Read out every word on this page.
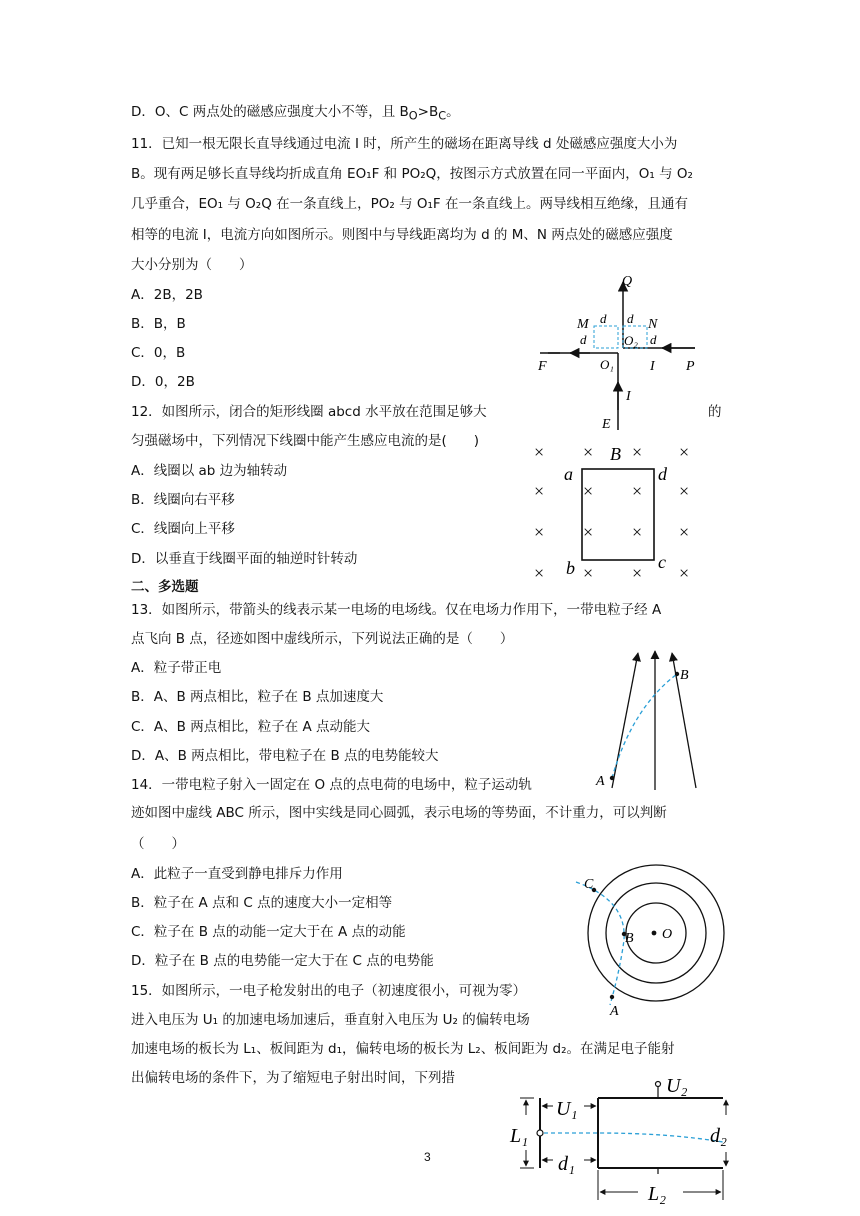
D．O、C 两点处的磁感应强度大小不等，且 $B_O>B_C$。
11．已知一根无限长直导线通过电流 I 时，所产生的磁场在距离导线 d 处磁感应强度大小为
B。现有两足够长直导线均折成直角 EO₁F 和 PO₂Q，按图示方式放置在同一平面内，O₁ 与 O₂
几乎重合，EO₁ 与 O₂Q 在一条直线上，PO₂ 与 O₁F 在一条直线上。两导线相互绝缘，且通有
相等的电流 I，电流方向如图所示。则图中与导线距离均为 d 的 M、N 两点处的磁感应强度
大小分别为（　　）
A．2B，2B
B．B，B
C．0，B
D．0，2B
12．如图所示，闭合的矩形线圈 abcd 水平放在范围足够大	的
匀强磁场中，下列情况下线圈中能产生感应电流的是(　　)
A．线圈以 ab 边为轴转动
B．线圈向右平移
C．线圈向上平移
D．以垂直于线圈平面的轴逆时针转动
二、多选题
13．如图所示，带箭头的线表示某一电场的电场线。仅在电场力作用下，一带电粒子经 A
点飞向 B 点，径迹如图中虚线所示，下列说法正确的是（　　）
A．粒子带正电
B．A、B 两点相比，粒子在 B 点加速度大
C．A、B 两点相比，粒子在 A 点动能大
D．A、B 两点相比，带电粒子在 B 点的电势能较大
14．一带电粒子射入一固定在 O 点的点电荷的电场中，粒子运动轨
迹如图中虚线 ABC 所示，图中实线是同心圆弧，表示电场的等势面，不计重力，可以判断
（　　）
A．此粒子一直受到静电排斥力作用
B．粒子在 A 点和 C 点的速度大小一定相等
C．粒子在 B 点的动能一定大于在 A 点的动能
D．粒子在 B 点的电势能一定大于在 C 点的电势能
15．如图所示，一电子枪发射出的电子（初速度很小，可视为零）
进入电压为 U₁ 的加速电场加速后，垂直射入电压为 U₂ 的偏转电场
加速电场的板长为 L₁、板间距为 d₁，偏转电场的板长为 L₂、板间距为 d₂。在满足电子能射
出偏转电场的条件下，为了缩短电子射出时间，下列措
Q
M	N
d d
d	d
O₂
O₁
F	P
I
I
E
× × × ×
× × × ×
× × × ×
× × × ×
B
a	d
b	c
A
B
C
B O
A
U₂
U₁
L₁	d₂
d₁
L₂
3
